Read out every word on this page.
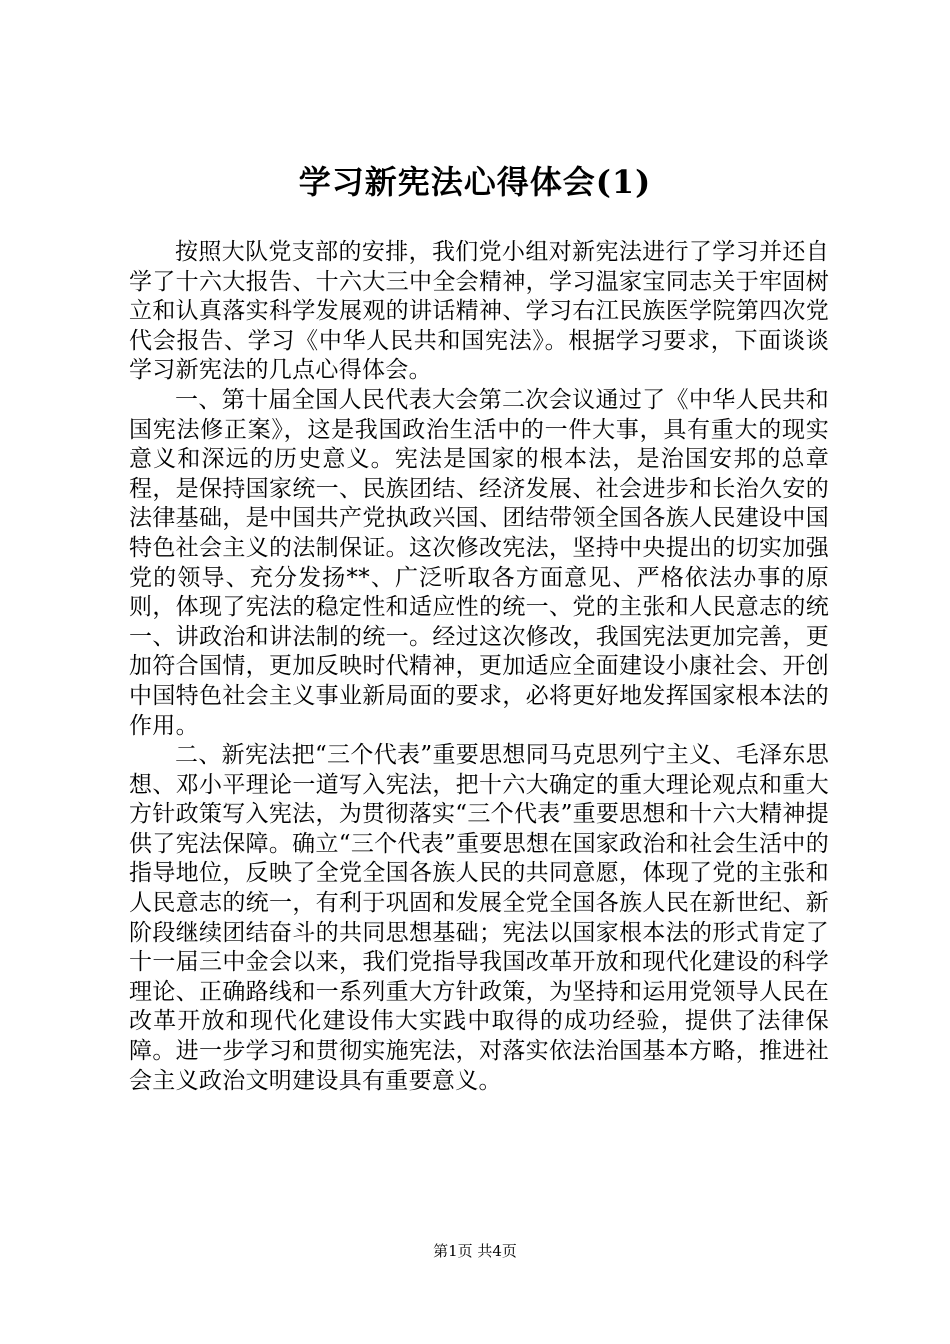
学习新宪法心得体会(1)

按照大队党支部的安排，我们党小组对新宪法进行了学习并还自学了十六大报告、十六大三中全会精神，学习温家宝同志关于牢固树立和认真落实科学发展观的讲话精神、学习右江民族医学院第四次党代会报告、学习《中华人民共和国宪法》。根据学习要求，下面谈谈学习新宪法的几点心得体会。

一、第十届全国人民代表大会第二次会议通过了《中华人民共和国宪法修正案》，这是我国政治生活中的一件大事，具有重大的现实意义和深远的历史意义。宪法是国家的根本法，是治国安邦的总章程，是保持国家统一、民族团结、经济发展、社会进步和长治久安的法律基础，是中国共产党执政兴国、团结带领全国各族人民建设中国特色社会主义的法制保证。这次修改宪法，坚持中央提出的切实加强党的领导、充分发扬**、广泛听取各方面意见、严格依法办事的原则，体现了宪法的稳定性和适应性的统一、党的主张和人民意志的统一、讲政治和讲法制的统一。经过这次修改，我国宪法更加完善，更加符合国情，更加反映时代精神，更加适应全面建设小康社会、开创中国特色社会主义事业新局面的要求，必将更好地发挥国家根本法的作用。

二、新宪法把“三个代表”重要思想同马克思列宁主义、毛泽东思想、邓小平理论一道写入宪法，把十六大确定的重大理论观点和重大方针政策写入宪法，为贯彻落实“三个代表”重要思想和十六大精神提供了宪法保障。确立“三个代表”重要思想在国家政治和社会生活中的指导地位，反映了全党全国各族人民的共同意愿，体现了党的主张和人民意志的统一，有利于巩固和发展全党全国各族人民在新世纪、新阶段继续团结奋斗的共同思想基础；宪法以国家根本法的形式肯定了十一届三中金会以来，我们党指导我国改革开放和现代化建设的科学理论、正确路线和一系列重大方针政策，为坚持和运用党领导人民在改革开放和现代化建设伟大实践中取得的成功经验，提供了法律保障。进一步学习和贯彻实施宪法，对落实依法治国基本方略，推进社会主义政治文明建设具有重要意义。

第1页 共4页
